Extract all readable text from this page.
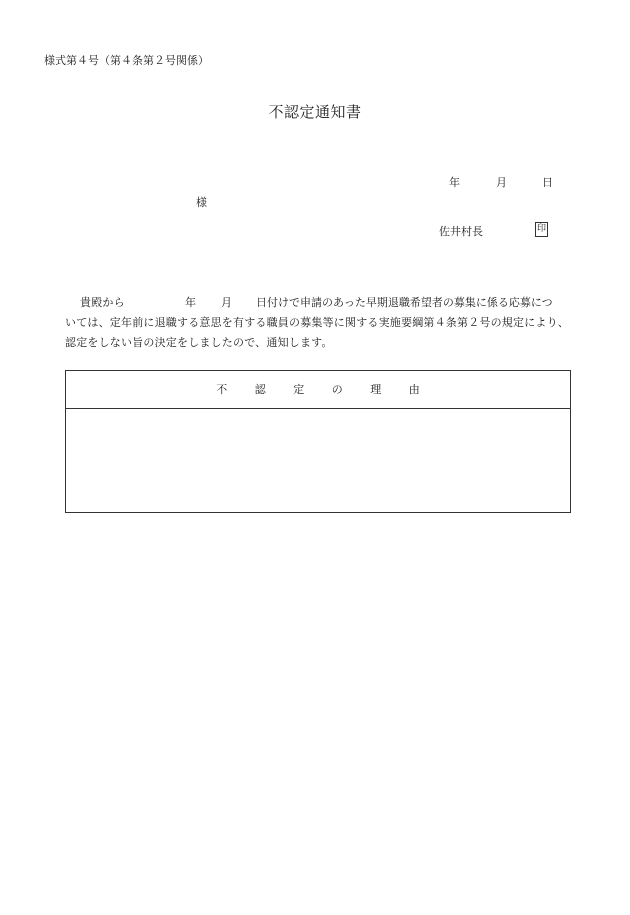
様式第４号（第４条第２号関係）
不認定通知書
年	月	日
様
佐井村長	印
貴殿から	年 月 日付けで申請のあった早期退職希望者の募集に係る応募につ
いては、定年前に退職する意思を有する職員の募集等に関する実施要綱第４条第２号の規定により、
認定をしない旨の決定をしましたので、通知します。
不	認	定	の	理	由
